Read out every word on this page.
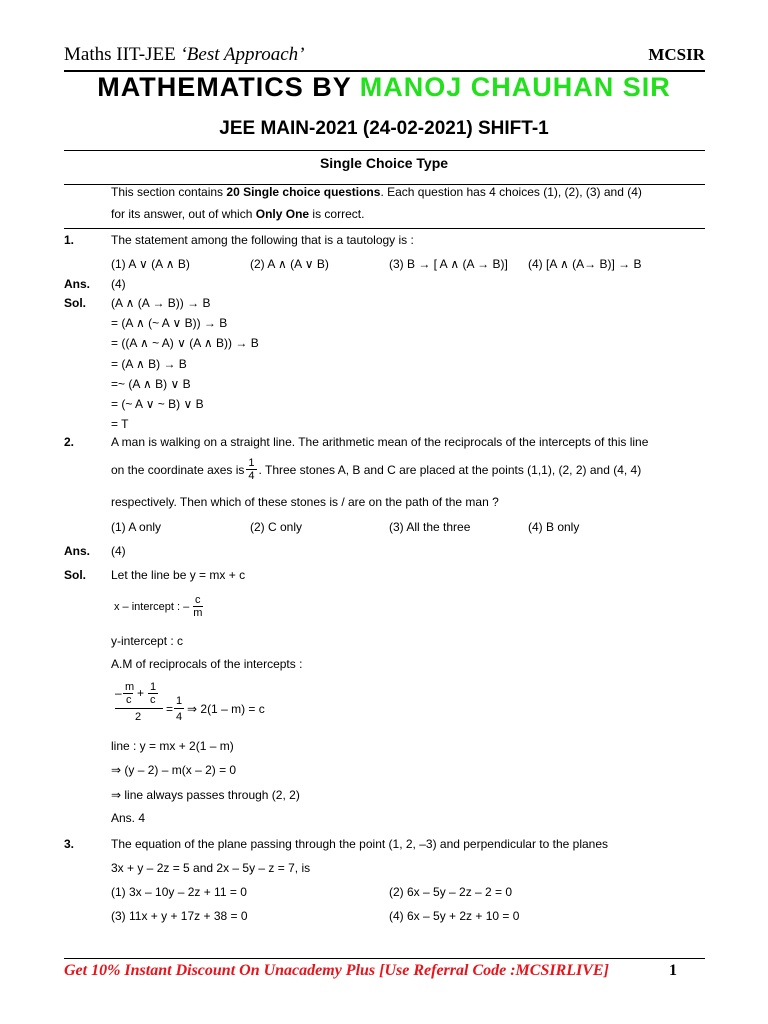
Maths IIT-JEE ‘Best Approach’	MCSIR
MATHEMATICS BY MANOJ CHAUHAN SIR
JEE MAIN-2021 (24-02-2021) SHIFT-1
Single Choice Type
This section contains 20 Single choice questions. Each question has 4 choices (1), (2), (3) and (4)
for its answer, out of which Only One is correct.
1.	The statement among the following that is a tautology is :
(1) A ∨ (A ∧ B)	(2) A ∧ (A ∨ B)	(3) B → [ A ∧ (A → B)] (4) [A ∧ (A→ B)] → B
Ans. (4)
Sol. (A ∧ (A → B)) → B
= (A ∧ (~ A ∨ B)) → B
= ((A ∧ ~ A) ∨ (A ∧ B)) → B
= (A ∧ B) → B
=~ (A ∧ B) ∨ B
= (~ A ∨ ~ B) ∨ B
= T
2.	A man is walking on a straight line. The arithmetic mean of the reciprocals of the intercepts of this line
on the coordinate axes is $\frac{1}{4}$ . Three stones A, B and C are placed at the points (1,1), (2, 2) and (4, 4)
respectively. Then which of these stones is / are on the path of the man ?
(1) A only	(2) C only	(3) All the three	(4) B only
Ans. (4)
Sol. Let the line be y = mx + c
x – intercept : – $\frac{c}{m}$
y-intercept : c
A.M of reciprocals of the intercepts :
– m
c + 1
c
2
=
1
4
⇒ 2(1 – m) = c
line : y = mx + 2(1 – m)
⇒ (y – 2) – m(x – 2) = 0
⇒ line always passes through (2, 2)
Ans. 4
3.	The equation of the plane passing through the point (1, 2, –3) and perpendicular to the planes
3x + y – 2z = 5 and 2x – 5y – z = 7, is
(1) 3x – 10y – 2z + 11 = 0	(2) 6x – 5y – 2z – 2 = 0
(3) 11x + y + 17z + 38 = 0	(4) 6x – 5y + 2z + 10 = 0
Get 10% Instant Discount On Unacademy Plus [Use Referral Code :MCSIRLIVE]	1
